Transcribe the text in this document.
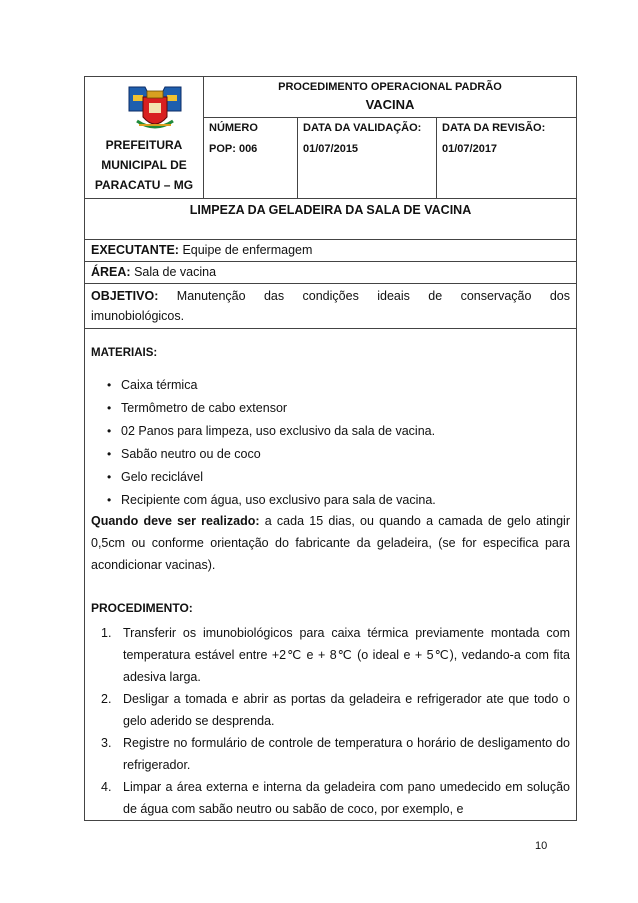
PREFEITURA
MUNICIPAL DE
PARACATU – MG
PROCEDIMENTO OPERACIONAL PADRÃO
VACINA
NÚMERO
POP: 006
DATA DA VALIDAÇÃO:
01/07/2015
DATA DA REVISÃO:
01/07/2017
LIMPEZA DA GELADEIRA DA SALA DE VACINA
EXECUTANTE: Equipe de enfermagem
ÁREA: Sala de vacina
OBJETIVO: Manutenção das condições ideais de conservação dos
imunobiológicos.
MATERIAIS:
• Caixa térmica
• Termômetro de cabo extensor
• 02 Panos para limpeza, uso exclusivo da sala de vacina.
• Sabão neutro ou de coco
• Gelo reciclável
• Recipiente com água, uso exclusivo para sala de vacina.
Quando deve ser realizado: a cada 15 dias, ou quando a camada de gelo atingir 0,5cm ou conforme orientação do fabricante da geladeira, (se for especifica para acondicionar vacinas).
PROCEDIMENTO:
1. Transferir os imunobiológicos para caixa térmica previamente montada com temperatura estável entre +2℃ e + 8℃ (o ideal e + 5℃), vedando-a com fita adesiva larga.
2. Desligar a tomada e abrir as portas da geladeira e refrigerador ate que todo o gelo aderido se desprenda.
3. Registre no formulário de controle de temperatura o horário de desligamento do refrigerador.
4. Limpar a área externa e interna da geladeira com pano umedecido em solução de água com sabão neutro ou sabão de coco, por exemplo, e
10
